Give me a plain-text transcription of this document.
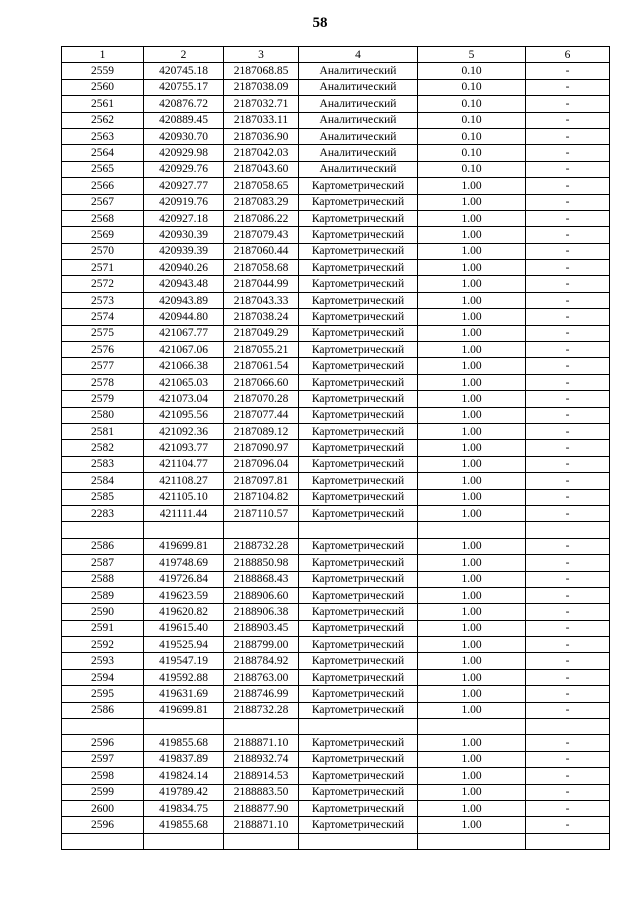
58
1	2	3	4	5	6
2559	420745.18	2187068.85	Аналитический	0.10	-
2560	420755.17	2187038.09	Аналитический	0.10	-
2561	420876.72	2187032.71	Аналитический	0.10	-
2562	420889.45	2187033.11	Аналитический	0.10	-
2563	420930.70	2187036.90	Аналитический	0.10	-
2564	420929.98	2187042.03	Аналитический	0.10	-
2565	420929.76	2187043.60	Аналитический	0.10	-
2566	420927.77	2187058.65	Картометрический	1.00	-
2567	420919.76	2187083.29	Картометрический	1.00	-
2568	420927.18	2187086.22	Картометрический	1.00	-
2569	420930.39	2187079.43	Картометрический	1.00	-
2570	420939.39	2187060.44	Картометрический	1.00	-
2571	420940.26	2187058.68	Картометрический	1.00	-
2572	420943.48	2187044.99	Картометрический	1.00	-
2573	420943.89	2187043.33	Картометрический	1.00	-
2574	420944.80	2187038.24	Картометрический	1.00	-
2575	421067.77	2187049.29	Картометрический	1.00	-
2576	421067.06	2187055.21	Картометрический	1.00	-
2577	421066.38	2187061.54	Картометрический	1.00	-
2578	421065.03	2187066.60	Картометрический	1.00	-
2579	421073.04	2187070.28	Картометрический	1.00	-
2580	421095.56	2187077.44	Картометрический	1.00	-
2581	421092.36	2187089.12	Картометрический	1.00	-
2582	421093.77	2187090.97	Картометрический	1.00	-
2583	421104.77	2187096.04	Картометрический	1.00	-
2584	421108.27	2187097.81	Картометрический	1.00	-
2585	421105.10	2187104.82	Картометрический	1.00	-
2283	421111.44	2187110.57	Картометрический	1.00	-

2586	419699.81	2188732.28	Картометрический	1.00	-
2587	419748.69	2188850.98	Картометрический	1.00	-
2588	419726.84	2188868.43	Картометрический	1.00	-
2589	419623.59	2188906.60	Картометрический	1.00	-
2590	419620.82	2188906.38	Картометрический	1.00	-
2591	419615.40	2188903.45	Картометрический	1.00	-
2592	419525.94	2188799.00	Картометрический	1.00	-
2593	419547.19	2188784.92	Картометрический	1.00	-
2594	419592.88	2188763.00	Картометрический	1.00	-
2595	419631.69	2188746.99	Картометрический	1.00	-
2586	419699.81	2188732.28	Картометрический	1.00	-

2596	419855.68	2188871.10	Картометрический	1.00	-
2597	419837.89	2188932.74	Картометрический	1.00	-
2598	419824.14	2188914.53	Картометрический	1.00	-
2599	419789.42	2188883.50	Картометрический	1.00	-
2600	419834.75	2188877.90	Картометрический	1.00	-
2596	419855.68	2188871.10	Картометрический	1.00	-
